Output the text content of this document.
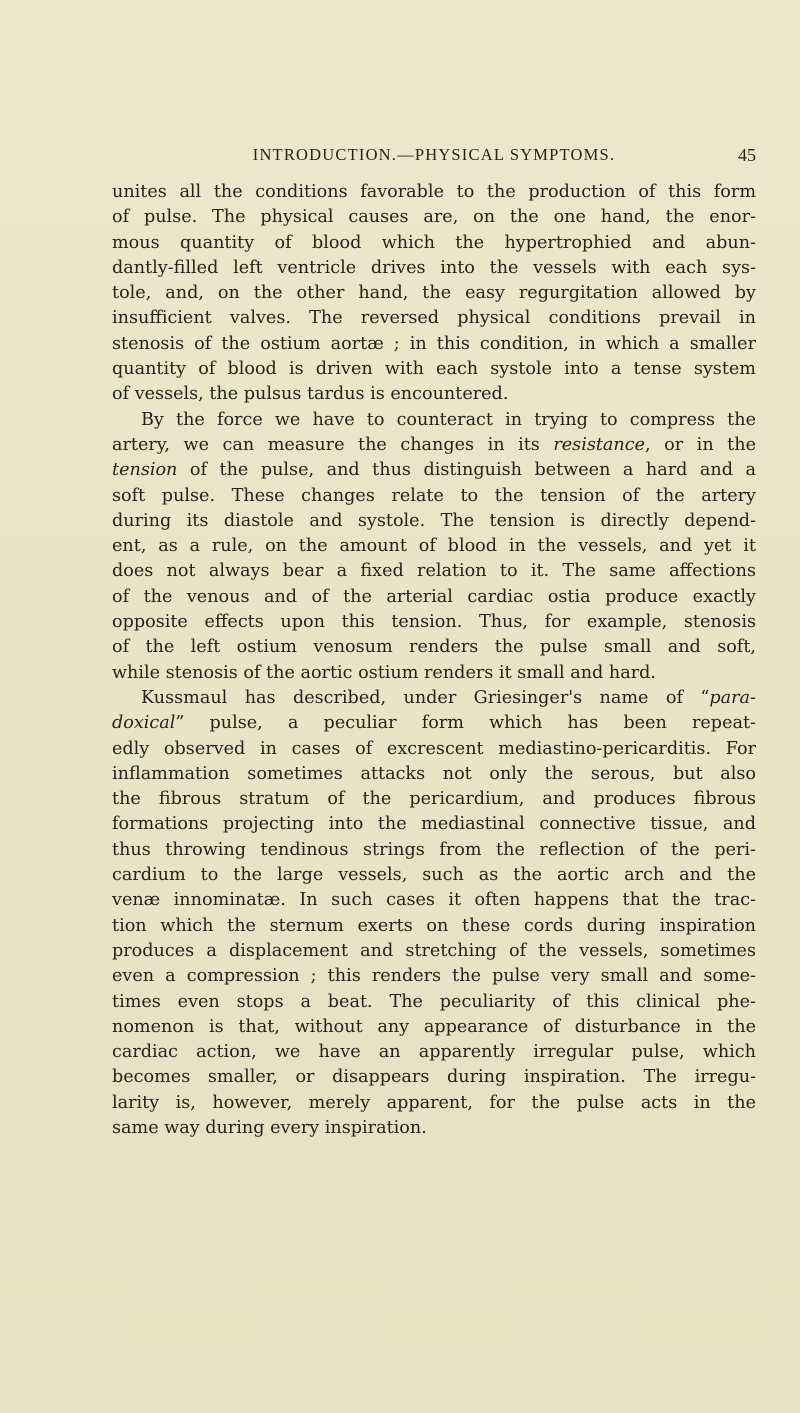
INTRODUCTION.—PHYSICAL SYMPTOMS.	45
unites all the conditions favorable to the production of this form
of pulse. The physical causes are, on the one hand, the enor-
mous quantity of blood which the hypertrophied and abun-
dantly-filled left ventricle drives into the vessels with each sys-
tole, and, on the other hand, the easy regurgitation allowed by
insufficient valves. The reversed physical conditions prevail in
stenosis of the ostium aortæ ; in this condition, in which a smaller
quantity of blood is driven with each systole into a tense system
of vessels, the pulsus tardus is encountered.
By the force we have to counteract in trying to compress the
artery, we can measure the changes in its resistance, or in the
tension of the pulse, and thus distinguish between a hard and a
soft pulse. These changes relate to the tension of the artery
during its diastole and systole. The tension is directly depend-
ent, as a rule, on the amount of blood in the vessels, and yet it
does not always bear a fixed relation to it. The same affections
of the venous and of the arterial cardiac ostia produce exactly
opposite effects upon this tension. Thus, for example, stenosis
of the left ostium venosum renders the pulse small and soft,
while stenosis of the aortic ostium renders it small and hard.
Kussmaul has described, under Griesinger's name of “para-
doxical” pulse, a peculiar form which has been repeat-
edly observed in cases of excrescent mediastino-pericarditis. For
inflammation sometimes attacks not only the serous, but also
the fibrous stratum of the pericardium, and produces fibrous
formations projecting into the mediastinal connective tissue, and
thus throwing tendinous strings from the reflection of the peri-
cardium to the large vessels, such as the aortic arch and the
venæ innominatæ. In such cases it often happens that the trac-
tion which the sternum exerts on these cords during inspiration
produces a displacement and stretching of the vessels, sometimes
even a compression ; this renders the pulse very small and some-
times even stops a beat. The peculiarity of this clinical phe-
nomenon is that, without any appearance of disturbance in the
cardiac action, we have an apparently irregular pulse, which
becomes smaller, or disappears during inspiration. The irregu-
larity is, however, merely apparent, for the pulse acts in the
same way during every inspiration.
